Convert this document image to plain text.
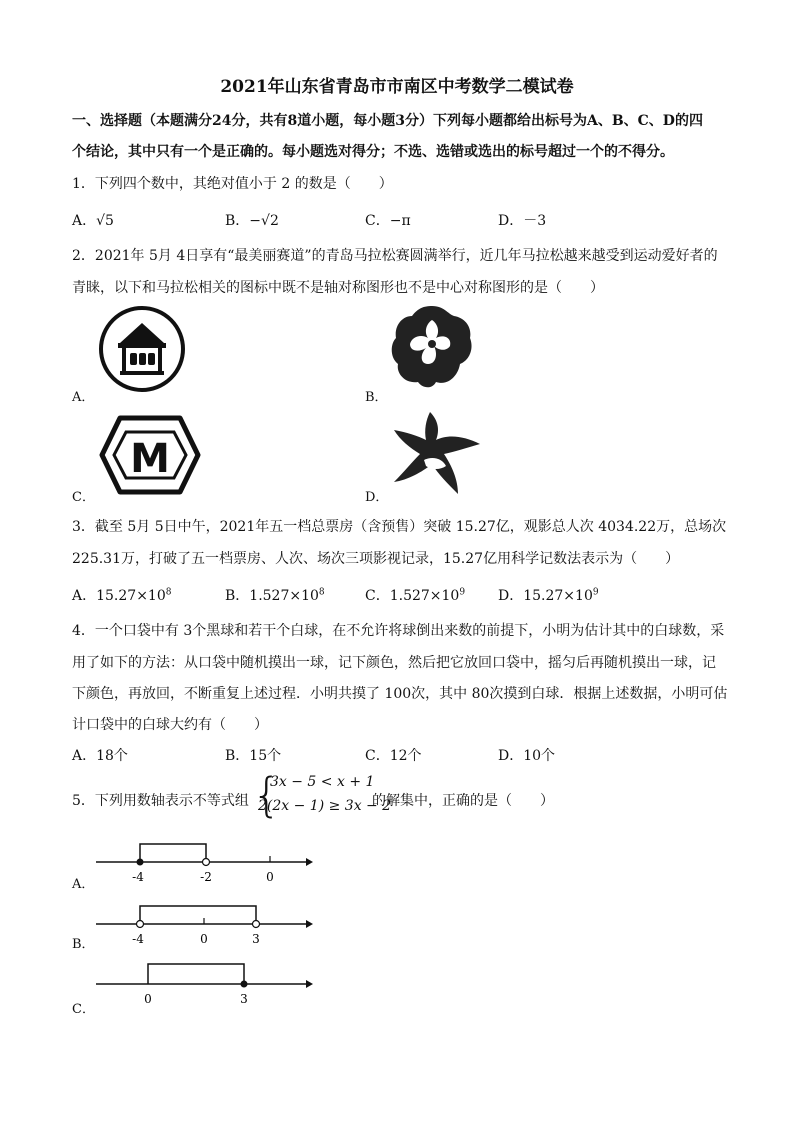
2021年山东省青岛市市南区中考数学二模试卷
一、选择题（本题满分24分，共有8道小题，每小题3分）下列每小题都给出标号为A、B、C、D的四
个结论，其中只有一个是正确的。每小题选对得分；不选、选错或选出的标号超过一个的不得分。
1．下列四个数中，其绝对值小于 2 的数是（　　）
A．√5	B．−√2	C．−π	D．－3
2．2021年 5月 4日享有“最美丽赛道”的青岛马拉松赛圆满举行，近几年马拉松越来越受到运动爱好者的
青睐，以下和马拉松相关的图标中既不是轴对称图形也不是中心对称图形的是（　　）
A．	B．
M
C．	D．
3．截至 5月 5日中午，2021年五一档总票房（含预售）突破 15.27亿，观影总人次 4034.22万，总场次
225.31万，打破了五一档票房、人次、场次三项影视记录，15.27亿用科学记数法表示为（　　）
A．$15.27\times 10^8$	B．$1.527\times 10^8$	C．$1.527\times 10^9$ D．$15.27\times 10^9$
4．一个口袋中有 3个黑球和若干个白球，在不允许将球倒出来数的前提下，小明为估计其中的白球数，采
用了如下的方法：从口袋中随机摸出一球，记下颜色，然后把它放回口袋中，摇匀后再随机摸出一球，记
下颜色，再放回，不断重复上述过程．小明共摸了 100次，其中 80次摸到白球．根据上述数据，小明可估
计口袋中的白球大约有（　　）
A．18个	B．15个	C．12个	D．10个
5．下列用数轴表示不等式组 {
3x − 5 < x + 1
2(2x − 1) ≥ 3x − 2
的解集中，正确的是（　　）
-4	-2	0
A．
-4	0	3
B．
0	3
C．
